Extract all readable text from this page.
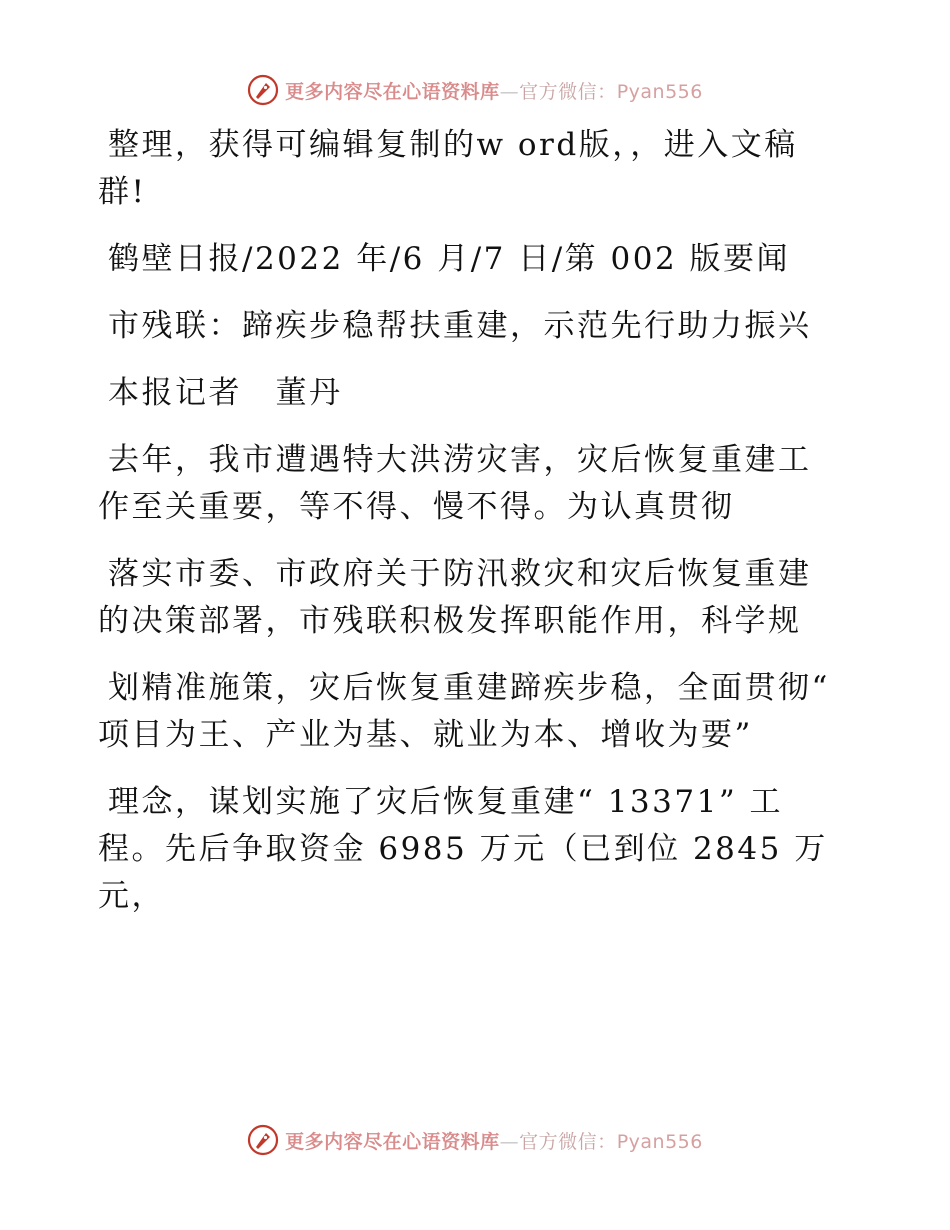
更多内容尽在心语资料库—官方微信：Pyan556

整理，获得可编辑复制的w ord版，，进入文稿群!

鹤壁日报/2022 年/6 月/7 日/第 002 版要闻

市残联：蹄疾步稳帮扶重建，示范先行助力振兴

本报记者　董丹

去年，我市遭遇特大洪涝灾害，灾后恢复重建工作至关重要，等不得、慢不得。为认真贯彻

落实市委、市政府关于防汛救灾和灾后恢复重建的决策部署，市残联积极发挥职能作用，科学规

划精准施策，灾后恢复重建蹄疾步稳，全面贯彻“ 项目为王、产业为基、就业为本、增收为要”

理念，谋划实施了灾后恢复重建“ 13371” 工程。先后争取资金 6985 万元（已到位 2845 万元，

更多内容尽在心语资料库—官方微信：Pyan556
